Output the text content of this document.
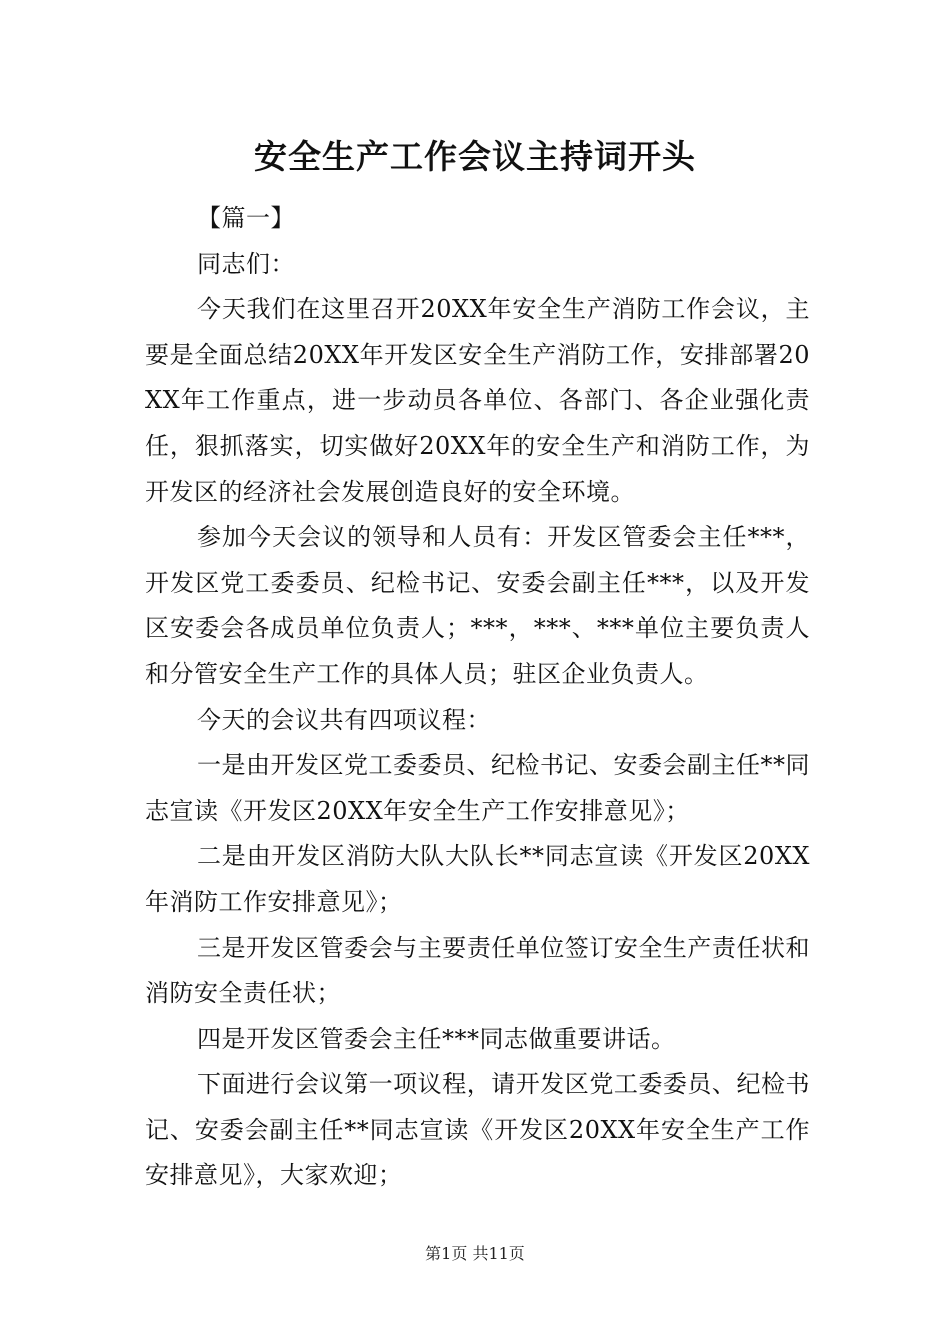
安全生产工作会议主持词开头

【篇一】

同志们：

今天我们在这里召开20XX年安全生产消防工作会议，主要是全面总结20XX年开发区安全生产消防工作，安排部署20XX年工作重点，进一步动员各单位、各部门、各企业强化责任，狠抓落实，切实做好20XX年的安全生产和消防工作，为开发区的经济社会发展创造良好的安全环境。

参加今天会议的领导和人员有：开发区管委会主任***，开发区党工委委员、纪检书记、安委会副主任***，以及开发区安委会各成员单位负责人；***，***、***单位主要负责人和分管安全生产工作的具体人员；驻区企业负责人。

今天的会议共有四项议程：

一是由开发区党工委委员、纪检书记、安委会副主任**同志宣读《开发区20XX年安全生产工作安排意见》；

二是由开发区消防大队大队长**同志宣读《开发区20XX年消防工作安排意见》；

三是开发区管委会与主要责任单位签订安全生产责任状和消防安全责任状；

四是开发区管委会主任***同志做重要讲话。

下面进行会议第一项议程，请开发区党工委委员、纪检书记、安委会副主任**同志宣读《开发区20XX年安全生产工作安排意见》，大家欢迎；

第1页 共11页
